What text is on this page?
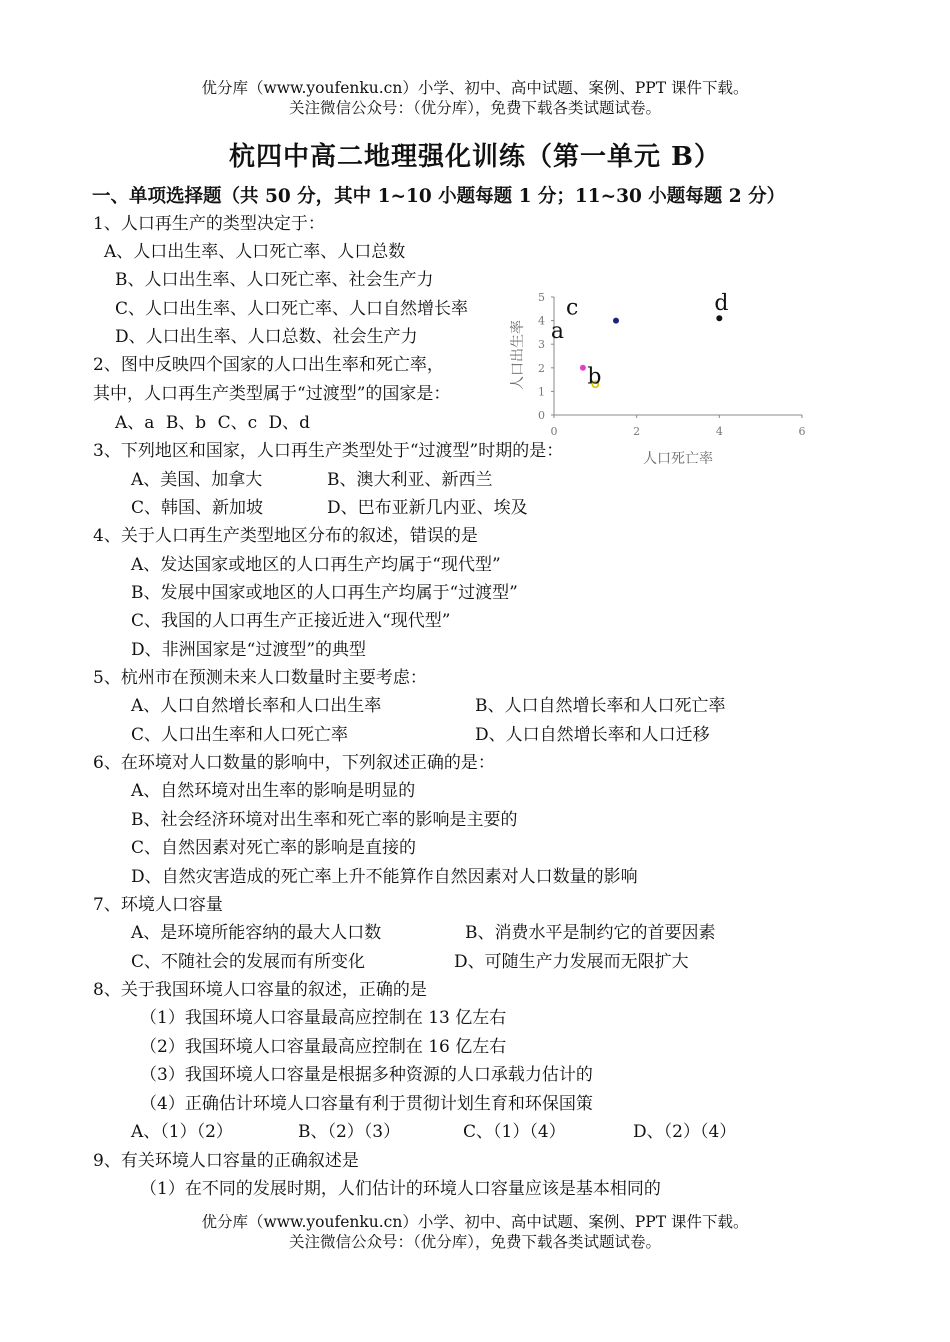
优分库（www.youfenku.cn）小学、初中、高中试题、案例、PPT 课件下载。
关注微信公众号：（优分库），免费下载各类试题试卷。
杭四中高二地理强化训练（第一单元 B）
一、单项选择题（共 50 分，其中 1~10 小题每题 1 分；11~30 小题每题 2 分）
1、人口再生产的类型决定于：
A、人口出生率、人口死亡率、人口总数
B、人口出生率、人口死亡率、社会生产力
C、人口出生率、人口死亡率、人口自然增长率
D、人口出生率、人口总数、社会生产力
2、图中反映四个国家的人口出生率和死亡率，
其中，人口再生产类型属于“过渡型”的国家是：
A、a B、b C、c D、d	0
1
2
3
4
5
0	2	4	6
a
b
c	d
人口死亡率
人口出生率
3、下列地区和国家，人口再生产类型处于“过渡型”时期的是：
A、美国、加拿大	B、澳大利亚、新西兰
C、韩国、新加坡	D、巴布亚新几内亚、埃及
4、关于人口再生产类型地区分布的叙述，错误的是
A、发达国家或地区的人口再生产均属于“现代型”
B、发展中国家或地区的人口再生产均属于“过渡型”
C、我国的人口再生产正接近进入“现代型”
D、非洲国家是“过渡型”的典型
5、杭州市在预测未来人口数量时主要考虑：
A、人口自然增长率和人口出生率	B、人口自然增长率和人口死亡率
C、人口出生率和人口死亡率	D、人口自然增长率和人口迁移
6、在环境对人口数量的影响中，下列叙述正确的是：
A、自然环境对出生率的影响是明显的
B、社会经济环境对出生率和死亡率的影响是主要的
C、自然因素对死亡率的影响是直接的
D、自然灾害造成的死亡率上升不能算作自然因素对人口数量的影响
7、环境人口容量
A、是环境所能容纳的最大人口数	B、消费水平是制约它的首要因素
C、不随社会的发展而有所变化	D、可随生产力发展而无限扩大
8、关于我国环境人口容量的叙述，正确的是
（1）我国环境人口容量最高应控制在 13 亿左右
（2）我国环境人口容量最高应控制在 16 亿左右
（3）我国环境人口容量是根据多种资源的人口承载力估计的
（4）正确估计环境人口容量有利于贯彻计划生育和环保国策
A、（1）（2）	B、（2）（3）	C、（1）（4）	D、（2）（4）
9、有关环境人口容量的正确叙述是
（1）在不同的发展时期，人们估计的环境人口容量应该是基本相同的
优分库（www.youfenku.cn）小学、初中、高中试题、案例、PPT 课件下载。
关注微信公众号：（优分库），免费下载各类试题试卷。
